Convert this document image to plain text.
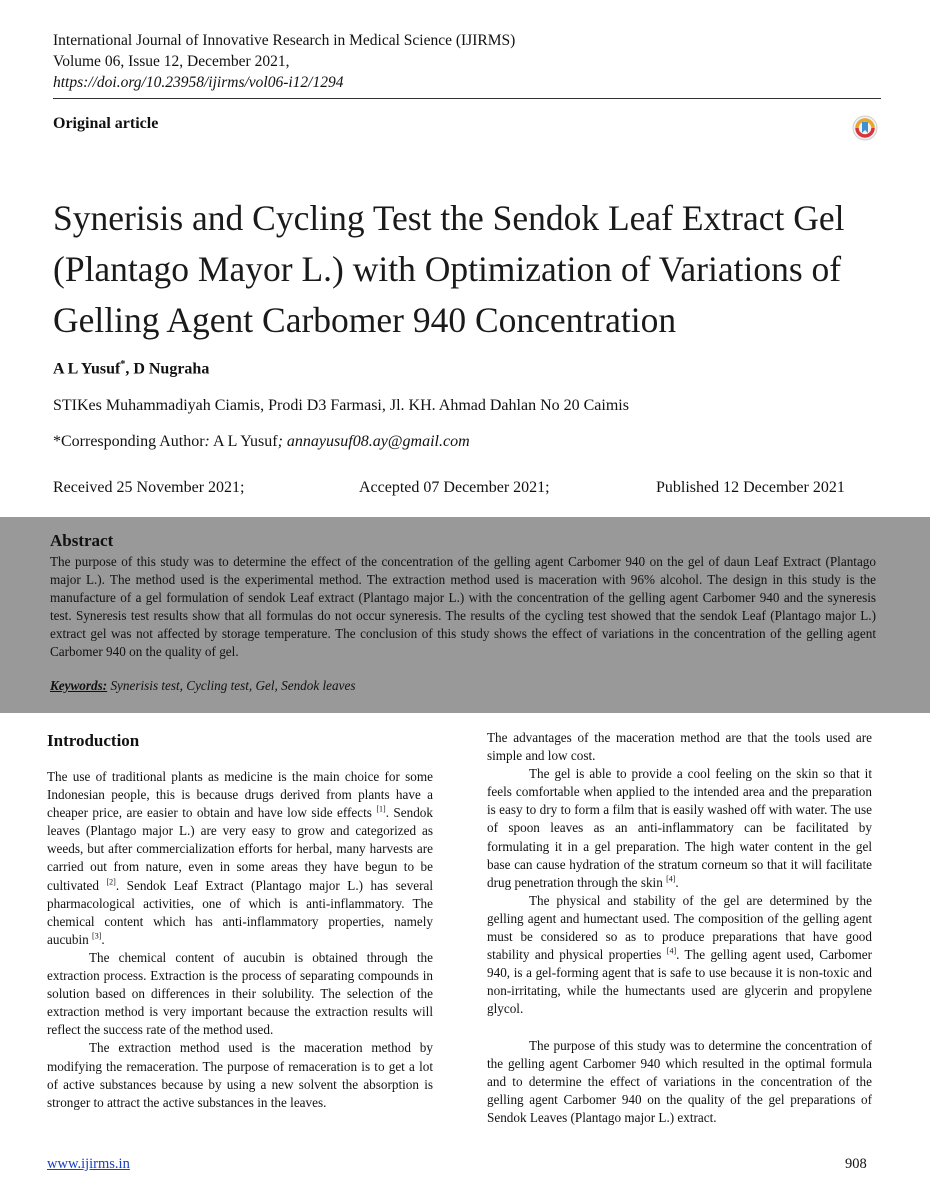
International Journal of Innovative Research in Medical Science (IJIRMS)
Volume 06, Issue 12, December 2021,
https://doi.org/10.23958/ijirms/vol06-i12/1294
Original article
Synerisis and Cycling Test the Sendok Leaf Extract Gel (Plantago Mayor L.) with Optimization of Variations of Gelling Agent Carbomer 940 Concentration
A L Yusuf*, D Nugraha
STIKes Muhammadiyah Ciamis, Prodi D3 Farmasi, Jl. KH. Ahmad Dahlan No 20 Caimis
*Corresponding Author: A L Yusuf; annayusuf08.ay@gmail.com
Received 25 November 2021;	Accepted 07 December 2021;	Published 12 December 2021
Abstract
The purpose of this study was to determine the effect of the concentration of the gelling agent Carbomer 940 on the gel of daun Leaf Extract (Plantago major L.). The method used is the experimental method. The extraction method used is maceration with 96% alcohol. The design in this study is the manufacture of a gel formulation of sendok Leaf extract (Plantago major L.) with the concentration of the gelling agent Carbomer 940 and the syneresis test. Syneresis test results show that all formulas do not occur syneresis. The results of the cycling test showed that the sendok Leaf (Plantago major L.) extract gel was not affected by storage temperature. The conclusion of this study shows the effect of variations in the concentration of the gelling agent Carbomer 940 on the quality of gel.
Keywords: Synerisis test, Cycling test, Gel, Sendok leaves
Introduction

The use of traditional plants as medicine is the main choice for some Indonesian people, this is because drugs derived from plants have a cheaper price, are easier to obtain and have low side effects [1]. Sendok leaves (Plantago major L.) are very easy to grow and categorized as weeds, but after commercialization efforts for herbal, many harvests are carried out from nature, even in some areas they have begun to be cultivated [2]. Sendok Leaf Extract (Plantago major L.) has several pharmacological activities, one of which is anti-inflammatory. The chemical content which has anti-inflammatory properties, namely aucubin [3].

The chemical content of aucubin is obtained through the extraction process. Extraction is the process of separating compounds in solution based on differences in their solubility. The selection of the extraction method is very important because the extraction results will reflect the success rate of the method used.

The extraction method used is the maceration method by modifying the remaceration. The purpose of remaceration is to get a lot of active substances because by using a new solvent the absorption is stronger to attract the active substances in the leaves.

The advantages of the maceration method are that the tools used are simple and low cost.

The gel is able to provide a cool feeling on the skin so that it feels comfortable when applied to the intended area and the preparation is easy to dry to form a film that is easily washed off with water. The use of spoon leaves as an anti-inflammatory can be facilitated by formulating it in a gel preparation. The high water content in the gel base can cause hydration of the stratum corneum so that it will facilitate drug penetration through the skin [4].

The physical and stability of the gel are determined by the gelling agent and humectant used. The composition of the gelling agent must be considered so as to produce preparations that have good stability and physical properties [4]. The gelling agent used, Carbomer 940, is a gel-forming agent that is safe to use because it is non-toxic and non-irritating, while the humectants used are glycerin and propylene glycol.

The purpose of this study was to determine the concentration of the gelling agent Carbomer 940 which resulted in the optimal formula and to determine the effect of variations in the concentration of the gelling agent Carbomer 940 on the quality of the gel preparations of Sendok Leaves (Plantago major L.) extract.

www.ijirms.in	908
